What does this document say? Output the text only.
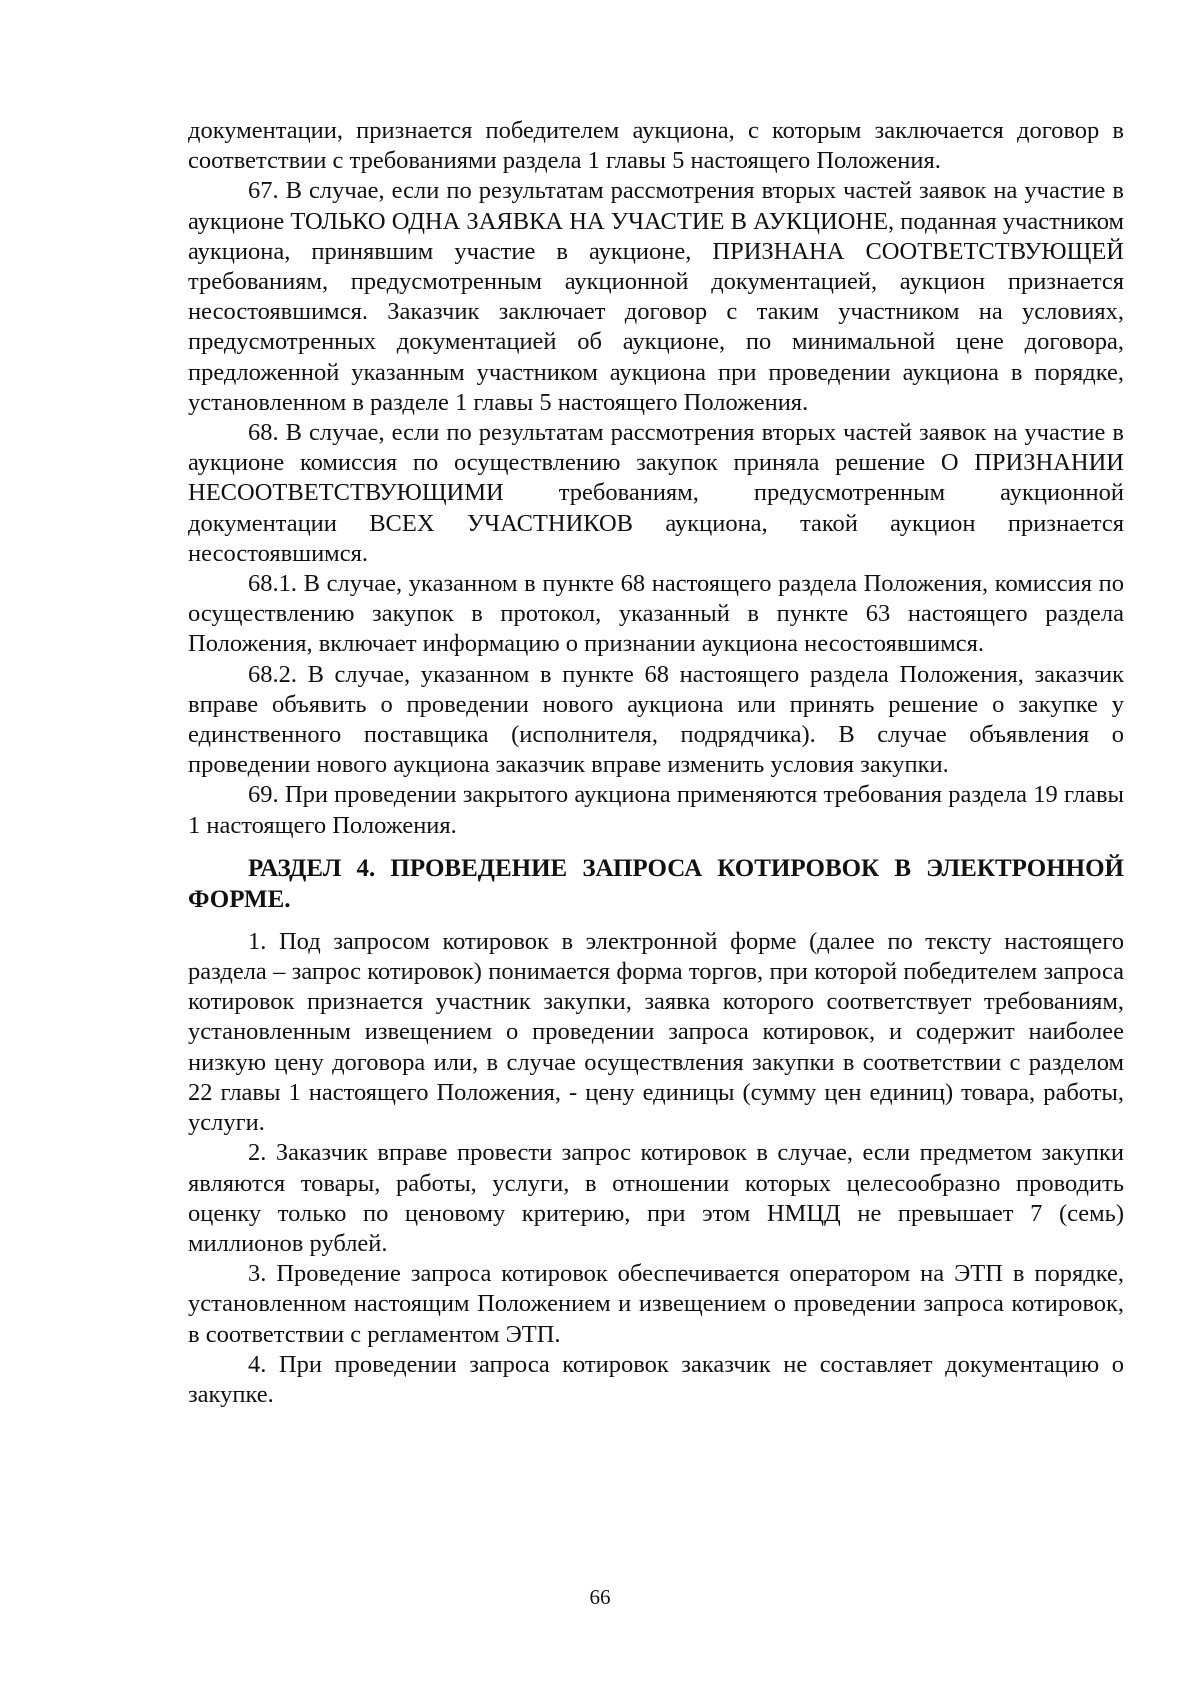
документации, признается победителем аукциона, с которым заключается договор в соответствии с требованиями раздела 1 главы 5 настоящего Положения.

67. В случае, если по результатам рассмотрения вторых частей заявок на участие в аукционе ТОЛЬКО ОДНА ЗАЯВКА НА УЧАСТИЕ В АУКЦИОНЕ, поданная участником аукциона, принявшим участие в аукционе, ПРИЗНАНА СООТВЕТСТВУЮЩЕЙ требованиям, предусмотренным аукционной документацией, аукцион признается несостоявшимся. Заказчик заключает договор с таким участником на условиях, предусмотренных документацией об аукционе, по минимальной цене договора, предложенной указанным участником аукциона при проведении аукциона в порядке, установленном в разделе 1 главы 5 настоящего Положения.

68. В случае, если по результатам рассмотрения вторых частей заявок на участие в аукционе комиссия по осуществлению закупок приняла решение О ПРИЗНАНИИ НЕСООТВЕТСТВУЮЩИМИ требованиям, предусмотренным аукционной документации ВСЕХ УЧАСТНИКОВ аукциона, такой аукцион признается несостоявшимся.

68.1. В случае, указанном в пункте 68 настоящего раздела Положения, комиссия по осуществлению закупок в протокол, указанный в пункте 63 настоящего раздела Положения, включает информацию о признании аукциона несостоявшимся.

68.2. В случае, указанном в пункте 68 настоящего раздела Положения, заказчик вправе объявить о проведении нового аукциона или принять решение о закупке у единственного поставщика (исполнителя, подрядчика). В случае объявления о проведении нового аукциона заказчик вправе изменить условия закупки.

69. При проведении закрытого аукциона применяются требования раздела 19 главы 1 настоящего Положения.

РАЗДЕЛ 4. ПРОВЕДЕНИЕ ЗАПРОСА КОТИРОВОК В ЭЛЕКТРОННОЙ ФОРМЕ.

1. Под запросом котировок в электронной форме (далее по тексту настоящего раздела – запрос котировок) понимается форма торгов, при которой победителем запроса котировок признается участник закупки, заявка которого соответствует требованиям, установленным извещением о проведении запроса котировок, и содержит наиболее низкую цену договора или, в случае осуществления закупки в соответствии с разделом 22 главы 1 настоящего Положения, - цену единицы (сумму цен единиц) товара, работы, услуги.

2. Заказчик вправе провести запрос котировок в случае, если предметом закупки являются товары, работы, услуги, в отношении которых целесообразно проводить оценку только по ценовому критерию, при этом НМЦД не превышает 7 (семь) миллионов рублей.

3. Проведение запроса котировок обеспечивается оператором на ЭТП в порядке, установленном настоящим Положением и извещением о проведении запроса котировок, в соответствии с регламентом ЭТП.

4. При проведении запроса котировок заказчик не составляет документацию о закупке.

66
